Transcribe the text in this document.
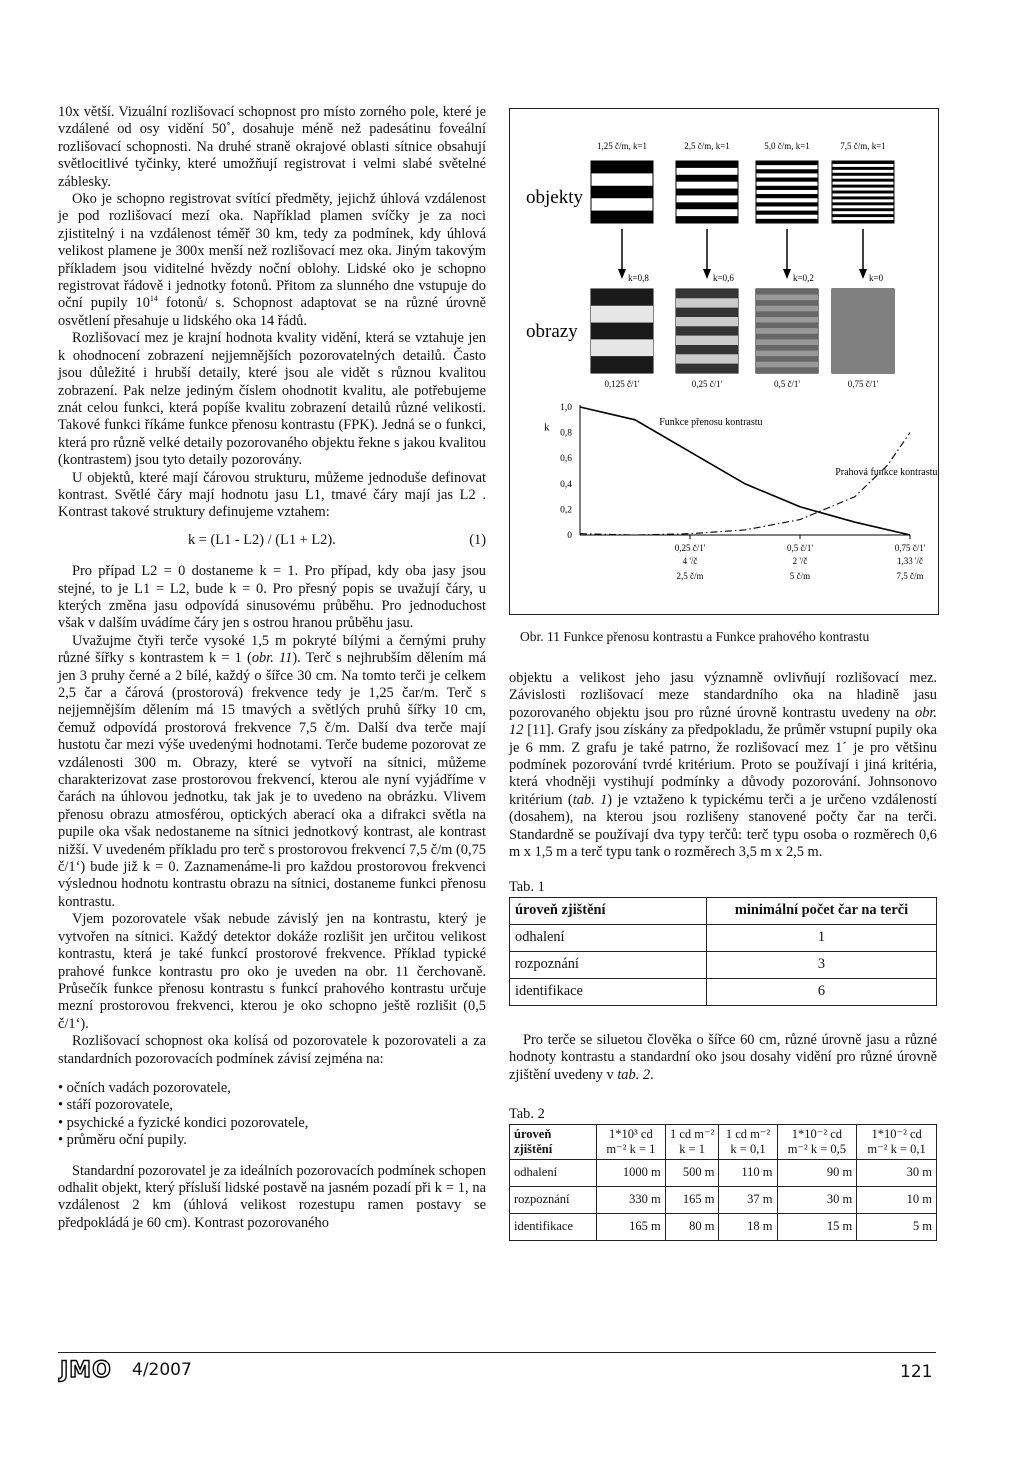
10x větší. Vizuální rozlišovací schopnost pro místo zorného pole, které je vzdálené od osy vidění 50˚, dosahuje méně než padesátinu foveální rozlišovací schopnosti. Na druhé straně okrajové oblasti sítnice obsahují světlocitlivé tyčinky, které umožňují registrovat i velmi slabé světelné záblesky.

Oko je schopno registrovat svítící předměty, jejichž úhlová vzdálenost je pod rozlišovací mezí oka. Například plamen svíčky je za noci zjistitelný i na vzdálenost téměř 30 km, tedy za podmínek, kdy úhlová velikost plamene je 300x menší než rozlišovací mez oka. Jiným takovým příkladem jsou viditelné hvězdy noční oblohy. Lidské oko je schopno registrovat řádově i jednotky fotonů. Přitom za slunného dne vstupuje do oční pupily $10^{14}$ fotonů/ s. Schopnost adaptovat se na různé úrovně osvětlení přesahuje u lidského oka 14 řádů.

Rozlišovací mez je krajní hodnota kvality vidění, která se vztahuje jen k ohodnocení zobrazení nejjemnějších pozorovatelných detailů. Často jsou důležité i hrubší detaily, které jsou ale vidět s různou kvalitou zobrazení. Pak nelze jediným číslem ohodnotit kvalitu, ale potřebujeme znát celou funkci, která popíše kvalitu zobrazení detailů různé velikosti. Takové funkci říkáme funkce přenosu kontrastu (FPK). Jedná se o funkci, která pro různě velké detaily pozorovaného objektu řekne s jakou kvalitou (kontrastem) jsou tyto detaily pozorovány.

U objektů, které mají čárovou strukturu, můžeme jednoduše definovat kontrast. Světlé čáry mají hodnotu jasu L1, tmavé čáry mají jas L2 . Kontrast takové struktury definujeme vztahem:

k = (L1 - L2) / (L1 + L2).	(1)

Pro případ L2 = 0 dostaneme k = 1. Pro případ, kdy oba jasy jsou stejné, to je L1 = L2, bude k = 0. Pro přesný popis se uvažují čáry, u kterých změna jasu odpovídá sinusovému průběhu. Pro jednoduchost však v dalším uvádíme čáry jen s ostrou hranou průběhu jasu.

Uvažujme čtyři terče vysoké 1,5 m pokryté bílými a černými pruhy různé šířky s kontrastem k = 1 (obr. 11). Terč s nejhrubším dělením má jen 3 pruhy černé a 2 bílé, každý o šířce 30 cm. Na tomto terči je celkem 2,5 čar a čárová (prostorová) frekvence tedy je 1,25 čar/m. Terč s nejjemnějším dělením má 15 tmavých a světlých pruhů šířky 10 cm, čemuž odpovídá prostorová frekvence 7,5 č/m. Další dva terče mají hustotu čar mezi výše uvedenými hodnotami. Terče budeme pozorovat ze vzdálenosti 300 m. Obrazy, které se vytvoří na sítnici, můžeme charakterizovat zase prostorovou frekvencí, kterou ale nyní vyjádříme v čarách na úhlovou jednotku, tak jak je to uvedeno na obrázku. Vlivem přenosu obrazu atmosférou, optických aberací oka a difrakci světla na pupile oka však nedostaneme na sítnici jednotkový kontrast, ale kontrast nižší. V uvedeném příkladu pro terč s prostorovou frekvencí 7,5 č/m (0,75 č/1‘) bude již k = 0. Zaznamenáme-li pro každou prostorovou frekvenci výslednou hodnotu kontrastu obrazu na sítnici, dostaneme funkci přenosu kontrastu.

Vjem pozorovatele však nebude závislý jen na kontrastu, který je vytvořen na sítnici. Každý detektor dokáže rozlišit jen určitou velikost kontrastu, která je také funkcí prostorové frekvence. Příklad typické prahové funkce kontrastu pro oko je uveden na obr. 11 čerchovaně. Průsečík funkce přenosu kontrastu s funkcí prahového kontrastu určuje mezní prostorovou frekvenci, kterou je oko schopno ještě rozlišit (0,5 č/1‘).

Rozlišovací schopnost oka kolísá od pozorovatele k pozorovateli a za standardních pozorovacích podmínek závisí zejména na:

• očních vadách pozorovatele,
• stáří pozorovatele,
• psychické a fyzické kondici pozorovatele,
• průměru oční pupily.

Standardní pozorovatel je za ideálních pozorovacích podmínek schopen odhalit objekt, který přísluší lidské postavě na jasném pozadí při k = 1, na vzdálenost 2 km (úhlová velikost rozestupu ramen postavy se předpokládá je 60 cm). Kontrast pozorovaného

objekty
obrazy
1,25 č/m, k=1
k=0,8
0,125 č/1'
2,5 č/m, k=1
k=0,6
0,25 č/1'
5,0 č/m, k=1
k=0,2
0,5 č/1'
7,5 č/m, k=1
k=0
0,75 č/1'
1,0
0,8
0,6
0,4
0,2
0
k	Funkce přenosu kontrastu
Prahová funkce kontrastu
0,25 č/1'
4 '/č
2,5 č/m
0,5 č/1'
2 '/č
5 č/m
0,75 č/1'
1,33 '/č
7,5 č/m
Obr. 11 Funkce přenosu kontrastu a Funkce prahového kontrastu

objektu a velikost jeho jasu významně ovlivňují rozlišovací mez. Závislosti rozlišovací meze standardního oka na hladině jasu pozorovaného objektu jsou pro různé úrovně kontrastu uvedeny na obr. 12 [11]. Grafy jsou získány za předpokladu, že průměr vstupní pupily oka je 6 mm. Z grafu je také patrno, že rozlišovací mez 1´ je pro většinu podmínek pozorování tvrdé kritérium. Proto se používají i jiná kritéria, která vhodněji vystihují podmínky a důvody pozorování. Johnsonovo kritérium (tab. 1) je vztaženo k typickému terči a je určeno vzdáleností (dosahem), na kterou jsou rozlišeny stanovené počty čar na terči. Standardně se používají dva typy terčů: terč typu osoba o rozměrech 0,6 m x 1,5 m a terč typu tank o rozměrech 3,5 m x 2,5 m.

Tab. 1

úroveň zjištění	minimální počet čar na terči
odhalení	1
rozpoznání	3
identifikace	6

Pro terče se siluetou člověka o šířce 60 cm, různé úrovně jasu a různé hodnoty kontrastu a standardní oko jsou dosahy vidění pro různé úrovně zjištění uvedeny v tab. 2.

Tab. 2

úroveň zjištění	1*10³ cd m⁻² k = 1	1 cd m⁻² k = 1	1 cd m⁻² k = 0,1	1*10⁻² cd m⁻² k = 0,5	1*10⁻² cd m⁻² k = 0,1
odhalení	1000 m	500 m	110 m	90 m	30 m
rozpoznání	330 m	165 m	37 m	30 m	10 m
identifikace	165 m	80 m	18 m	15 m	5 m
JMO 4/2007	121
